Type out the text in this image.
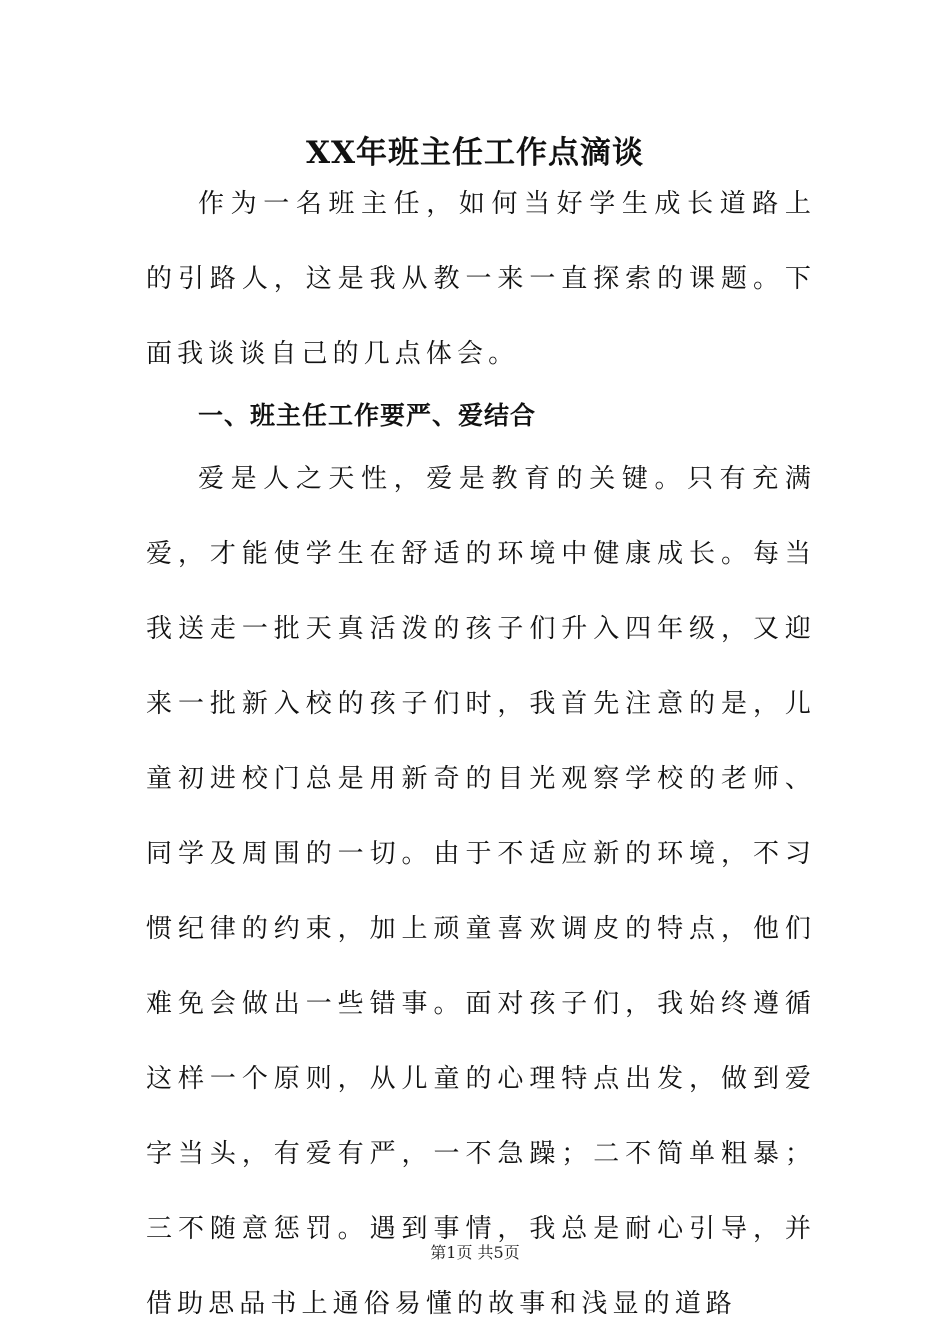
XX年班主任工作点滴谈
作为一名班主任，如何当好学生成长道路上的引路人，这是我从教一来一直探索的课题。下面我谈谈自己的几点体会。
一、班主任工作要严、爱结合
爱是人之天性，爱是教育的关键。只有充满爱，才能使学生在舒适的环境中健康成长。每当我送走一批天真活泼的孩子们升入四年级，又迎来一批新入校的孩子们时，我首先注意的是，儿童初进校门总是用新奇的目光观察学校的老师、同学及周围的一切。由于不适应新的环境，不习惯纪律的约束，加上顽童喜欢调皮的特点，他们难免会做出一些错事。面对孩子们，我始终遵循这样一个原则，从儿童的心理特点出发，做到爱字当头，有爱有严，一不急躁；二不简单粗暴；三不随意惩罚。遇到事情，我总是耐心引导，并借助思品书上通俗易懂的故事和浅显的道路
第1页 共5页
